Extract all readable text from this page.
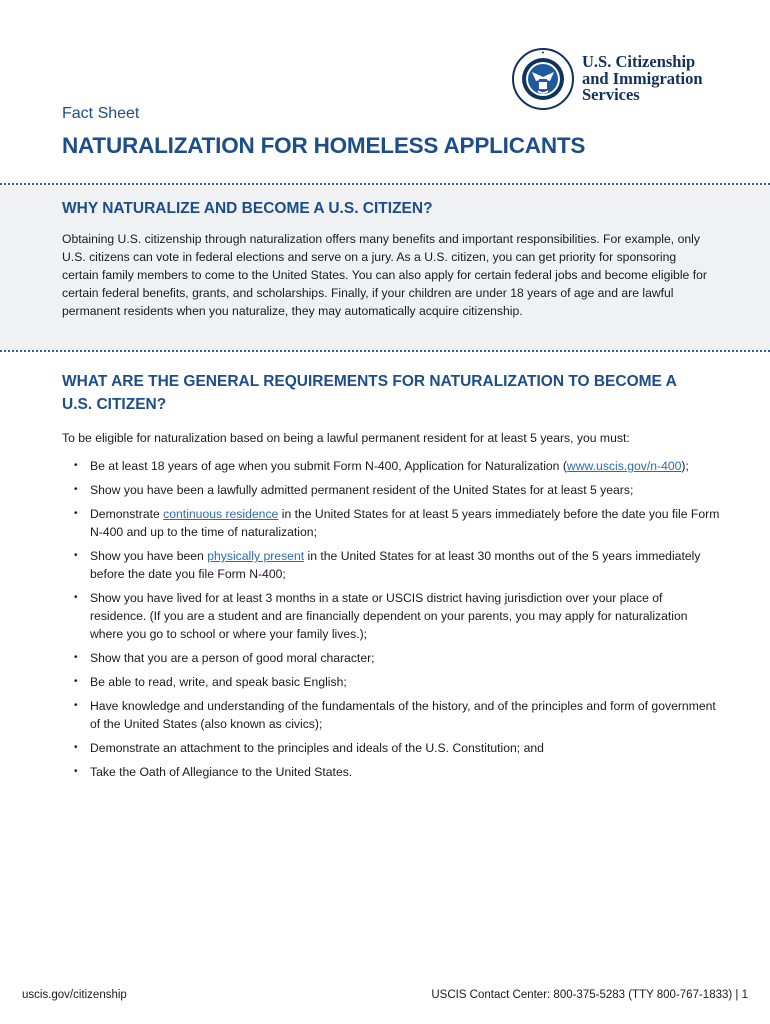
U.S. Citizenship
and Immigration
Services
Fact Sheet
NATURALIZATION FOR HOMELESS APPLICANTS
WHY NATURALIZE AND BECOME A U.S. CITIZEN?

Obtaining U.S. citizenship through naturalization offers many benefits and important responsibilities. For example, only U.S. citizens can vote in federal elections and serve on a jury. As a U.S. citizen, you can get priority for sponsoring certain family members to come to the United States. You can also apply for certain federal jobs and become eligible for certain federal benefits, grants, and scholarships. Finally, if your children are under 18 years of age and are lawful permanent residents when you naturalize, they may automatically acquire citizenship.

WHAT ARE THE GENERAL REQUIREMENTS FOR NATURALIZATION TO BECOME A U.S. CITIZEN?

To be eligible for naturalization based on being a lawful permanent resident for at least 5 years, you must:

• Be at least 18 years of age when you submit Form N-400, Application for Naturalization (www.uscis.gov/n-400);
• Show you have been a lawfully admitted permanent resident of the United States for at least 5 years;
• Demonstrate continuous residence in the United States for at least 5 years immediately before the date you file Form N-400 and up to the time of naturalization;
• Show you have been physically present in the United States for at least 30 months out of the 5 years immediately before the date you file Form N-400;
• Show you have lived for at least 3 months in a state or USCIS district having jurisdiction over your place of residence. (If you are a student and are financially dependent on your parents, you may apply for naturalization where you go to school or where your family lives.);
• Show that you are a person of good moral character;
• Be able to read, write, and speak basic English;
• Have knowledge and understanding of the fundamentals of the history, and of the principles and form of government of the United States (also known as civics);
• Demonstrate an attachment to the principles and ideals of the U.S. Constitution; and
• Take the Oath of Allegiance to the United States.
uscis.gov/citizenship	USCIS Contact Center: 800-375-5283 (TTY 800-767-1833) | 1
